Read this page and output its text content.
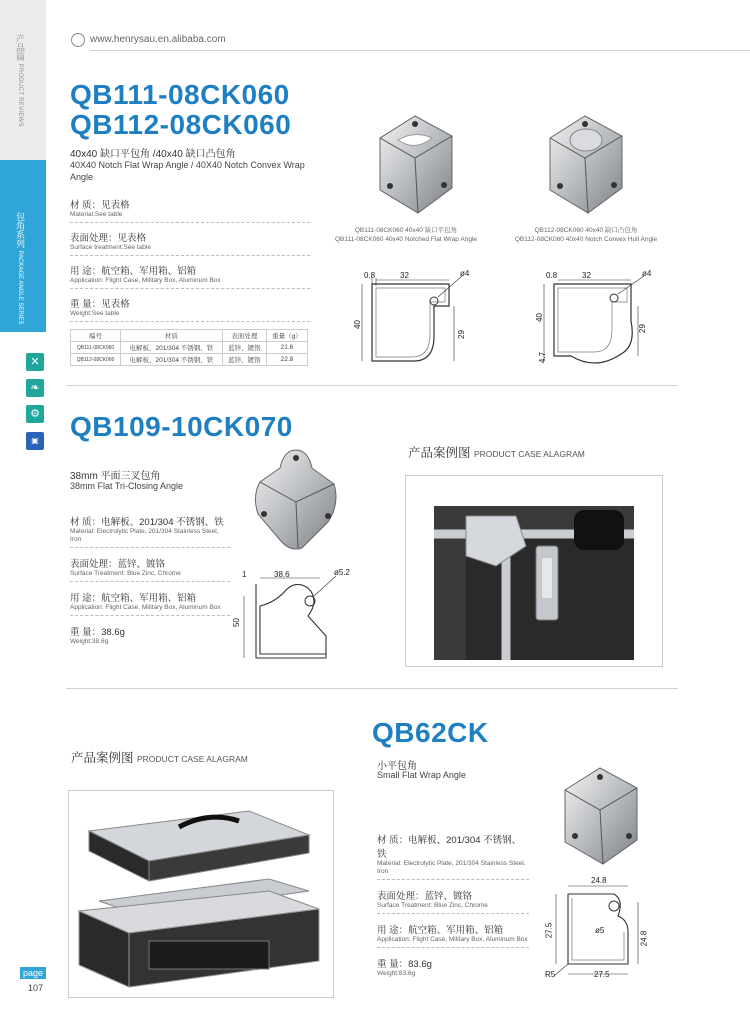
产品篇 PRODUCT REVIEWS
包角系列 PACKAGE ANGLE SERIES
✕
❧
⚙
▣
page
107
www.henrysau.en.alibaba.com
QB111-08CK060
QB112-08CK060
40x40 缺口平包角 /40x40 缺口凸包角
40X40 Notch Flat Wrap Angle / 40X40 Notch Convex Wrap Angle
材 质：见表格
Material:See table
表面处理：见表格
Surface treatment:See table
用 途：航空箱、军用箱、铝箱
Application: Flight Case, Military Box, Aluminum Box
重 量：见表格
Weight:See table
编号	材质	表面处理	重量（g）
QB111-08CK060	电解板、201/304 不锈钢、铁	蓝锌、镀铬	21.6
QB112-08CK060	电解板、201/304 不锈钢、铁	蓝锌、镀铬	22.8
QB111-08CK060 40x40 缺口平包角
QB111-08CK060 40x40 Notched Flat Wrap Angle
QB112-08CK060 40x40 缺口凸包角
QB112-08CK060 40x40 Notch Convex Hull Angle
0.8	32	ø4
40
29
0.8	32	ø4
40
29
4.7
QB109-10CK070
38mm 平面三叉包角
38mm Flat Tri-Closing Angle
材 质：电解板、201/304 不锈钢、铁
Material: Electrolytic Plate, 201/304 Stainless Steel, Iron
表面处理：蓝锌、镀铬
Surface Treatment: Blue Zinc, Chrome
用 途：航空箱、军用箱、铝箱
Application: Flight Case, Military Box, Aluminum Box
重 量：38.6g
Weight:38.6g
1	38.6	ø5.2
50
产品案例图 PRODUCT CASE ALAGRAM
QB62CK
小平包角
Small Flat Wrap Angle
材 质：电解板、201/304 不锈钢、铁
Material: Electrolytic Plate, 201/304 Stainless Steel, Iron
表面处理：蓝锌、镀铬
Surface Treatment: Blue Zinc, Chrome
用 途：航空箱、军用箱、铝箱
Application: Flight Case, Military Box, Aluminum Box
重 量：83.6g
Weight:83.6g
24.8
ø5
27.5
24.8
R5	27.5
产品案例图 PRODUCT CASE ALAGRAM
